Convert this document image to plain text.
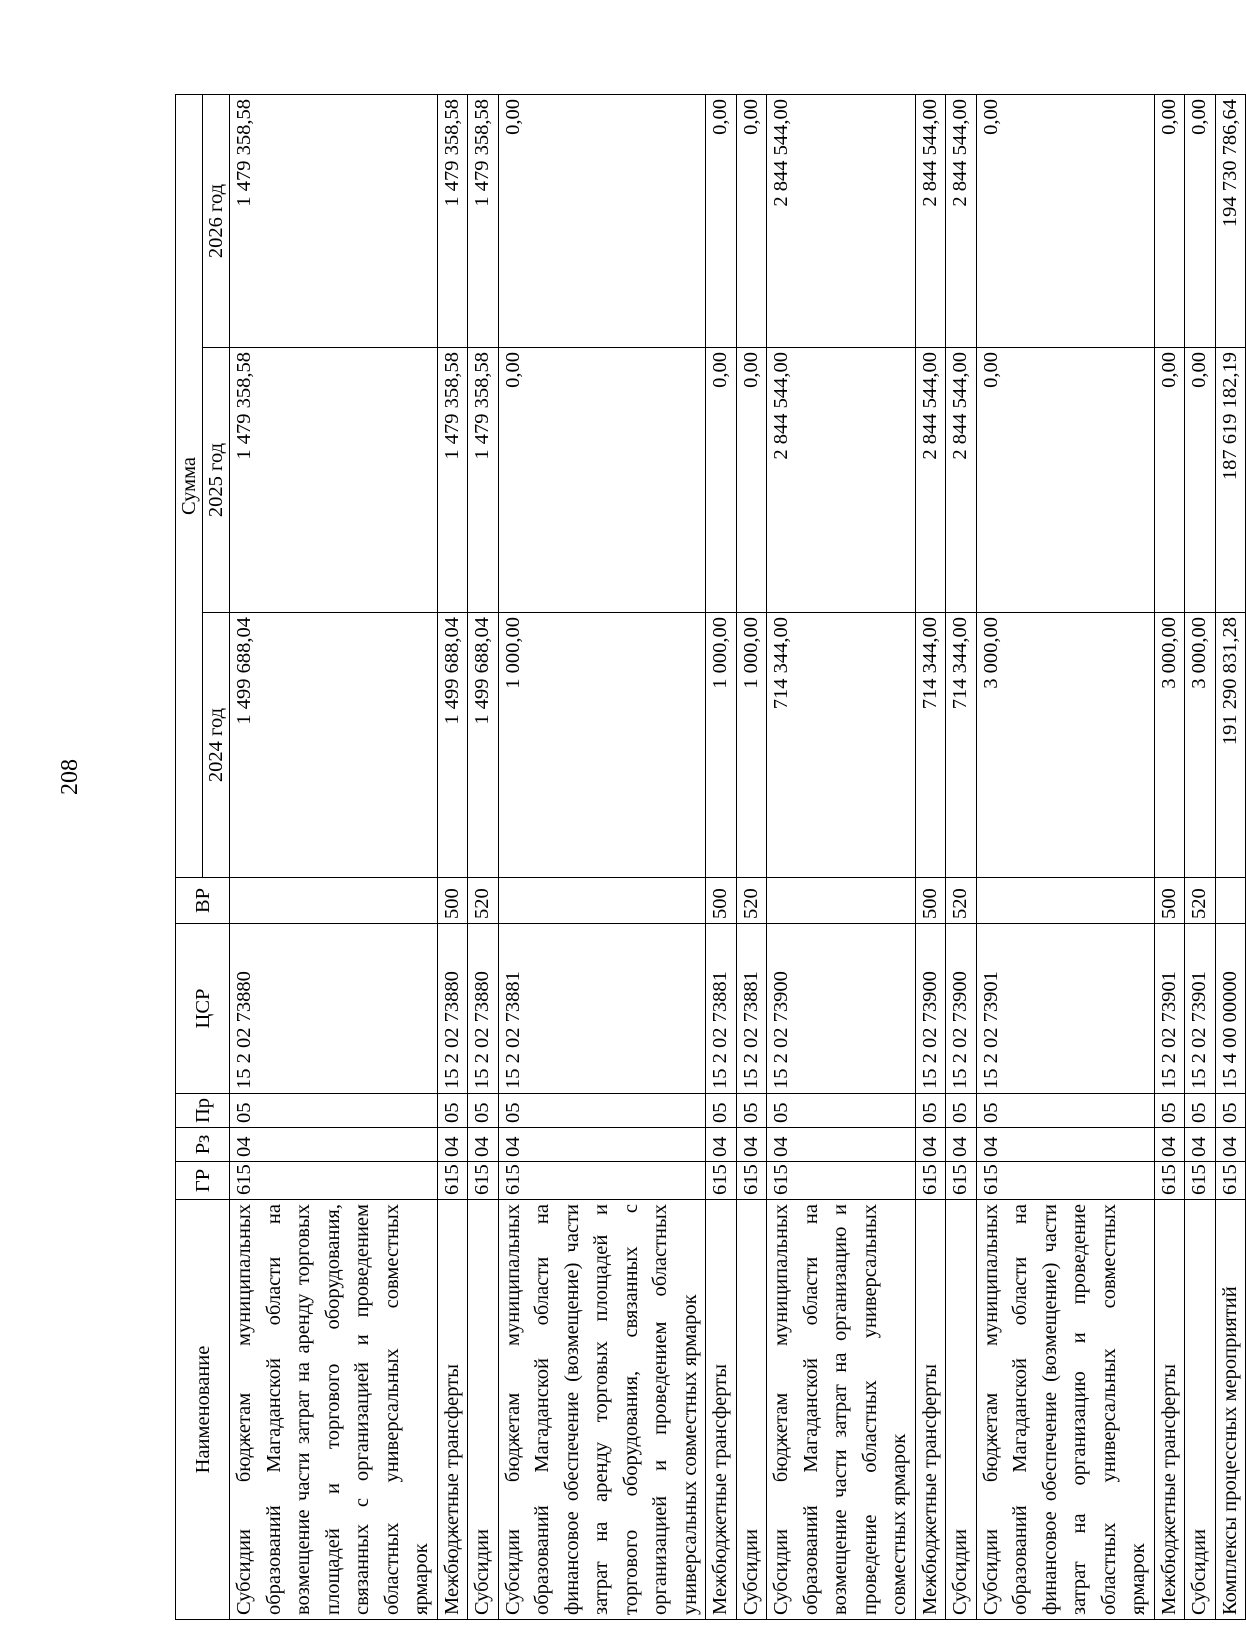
208
Наименование	ГР	Рз	Пр	ЦСР	ВР	Сумма		
						2024 год	2025 год	2026 год
Субсидии бюджетам муниципальных образований Магаданской области на возмещение части затрат на аренду торговых площадей и торгового оборудования, связанных с организацией и проведением областных универсальных совместных ярмарок	615	04	05	15 2 02 73880		1 499 688,04	1 479 358,58	1 479 358,58
Межбюджетные трансферты	615	04	05	15 2 02 73880	500	1 499 688,04	1 479 358,58	1 479 358,58
Субсидии	615	04	05	15 2 02 73880	520	1 499 688,04	1 479 358,58	1 479 358,58
Субсидии бюджетам муниципальных образований Магаданской области на финансовое обеспечение (возмещение) части затрат на аренду торговых площадей и торгового оборудования, связанных с организацией и проведением областных универсальных совместных ярмарок	615	04	05	15 2 02 73881		1 000,00	0,00	0,00
Межбюджетные трансферты	615	04	05	15 2 02 73881	500	1 000,00	0,00	0,00
Субсидии	615	04	05	15 2 02 73881	520	1 000,00	0,00	0,00
Субсидии бюджетам муниципальных образований Магаданской области на возмещение части затрат на организацию и проведение областных универсальных совместных ярмарок	615	04	05	15 2 02 73900		714 344,00	2 844 544,00	2 844 544,00
Межбюджетные трансферты	615	04	05	15 2 02 73900	500	714 344,00	2 844 544,00	2 844 544,00
Субсидии	615	04	05	15 2 02 73900	520	714 344,00	2 844 544,00	2 844 544,00
Субсидии бюджетам муниципальных образований Магаданской области на финансовое обеспечение (возмещение) части затрат на организацию и проведение областных универсальных совместных ярмарок	615	04	05	15 2 02 73901		3 000,00	0,00	0,00
Межбюджетные трансферты	615	04	05	15 2 02 73901	500	3 000,00	0,00	0,00
Субсидии	615	04	05	15 2 02 73901	520	3 000,00	0,00	0,00
Комплексы процессных мероприятий	615	04	05	15 4 00 00000		191 290 831,28	187 619 182,19	194 730 786,64
